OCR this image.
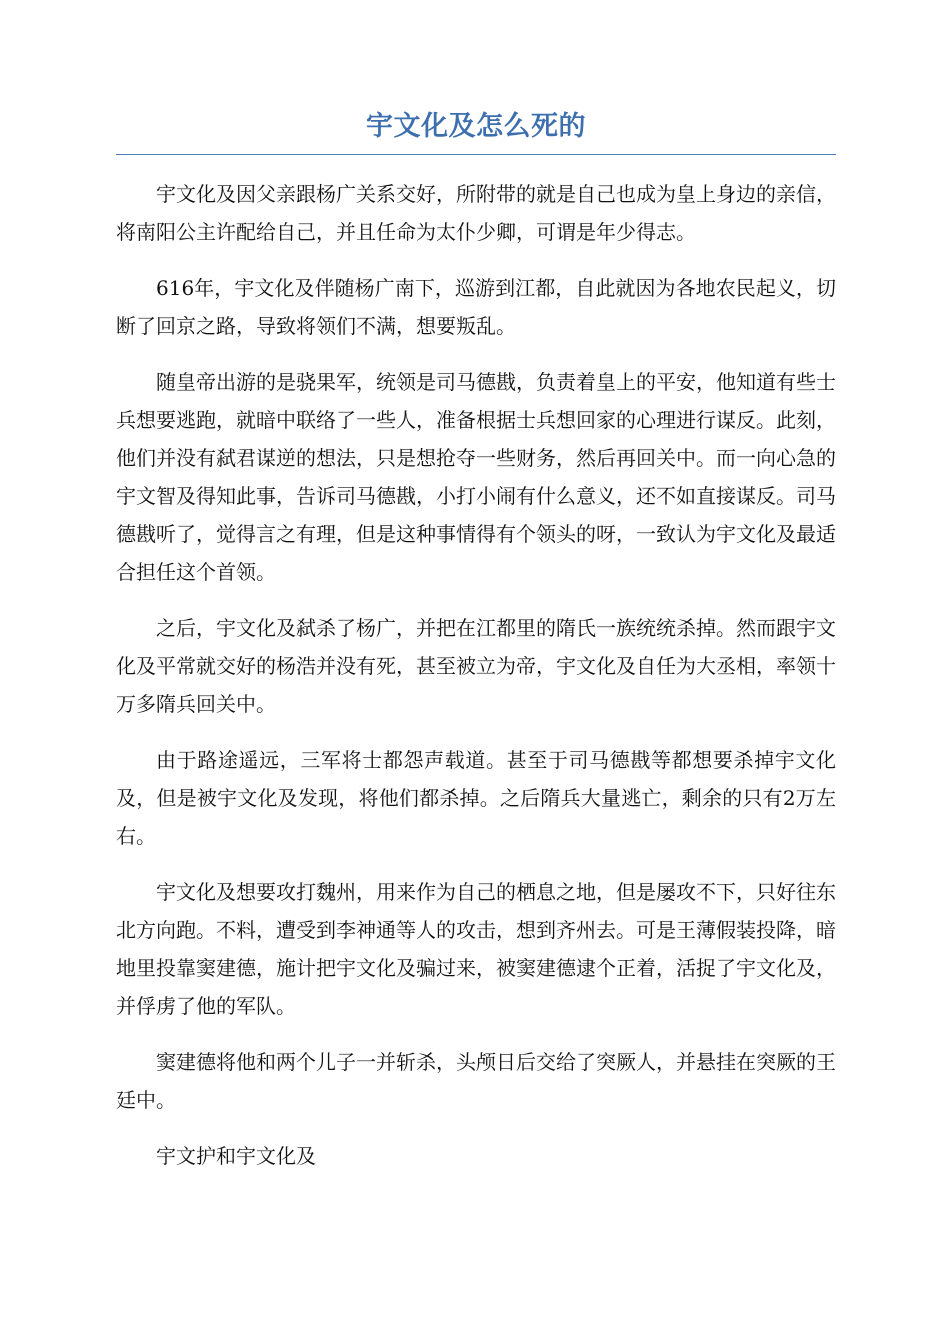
宇文化及怎么死的

宇文化及因父亲跟杨广关系交好，所附带的就是自己也成为皇上身边的亲信，将南阳公主许配给自己，并且任命为太仆少卿，可谓是年少得志。

616年，宇文化及伴随杨广南下，巡游到江都，自此就因为各地农民起义，切断了回京之路，导致将领们不满，想要叛乱。

随皇帝出游的是骁果军，统领是司马德戡，负责着皇上的平安，他知道有些士兵想要逃跑，就暗中联络了一些人，准备根据士兵想回家的心理进行谋反。此刻，他们并没有弑君谋逆的想法，只是想抢夺一些财务，然后再回关中。而一向心急的宇文智及得知此事，告诉司马德戡，小打小闹有什么意义，还不如直接谋反。司马德戡听了，觉得言之有理，但是这种事情得有个领头的呀，一致认为宇文化及最适合担任这个首领。

之后，宇文化及弑杀了杨广，并把在江都里的隋氏一族统统杀掉。然而跟宇文化及平常就交好的杨浩并没有死，甚至被立为帝，宇文化及自任为大丞相，率领十万多隋兵回关中。

由于路途遥远，三军将士都怨声载道。甚至于司马德戡等都想要杀掉宇文化及，但是被宇文化及发现，将他们都杀掉。之后隋兵大量逃亡，剩余的只有2万左右。

宇文化及想要攻打魏州，用来作为自己的栖息之地，但是屡攻不下，只好往东北方向跑。不料，遭受到李神通等人的攻击，想到齐州去。可是王薄假装投降，暗地里投靠窦建德，施计把宇文化及骗过来，被窦建德逮个正着，活捉了宇文化及，并俘虏了他的军队。

窦建德将他和两个儿子一并斩杀，头颅日后交给了突厥人，并悬挂在突厥的王廷中。

宇文护和宇文化及
